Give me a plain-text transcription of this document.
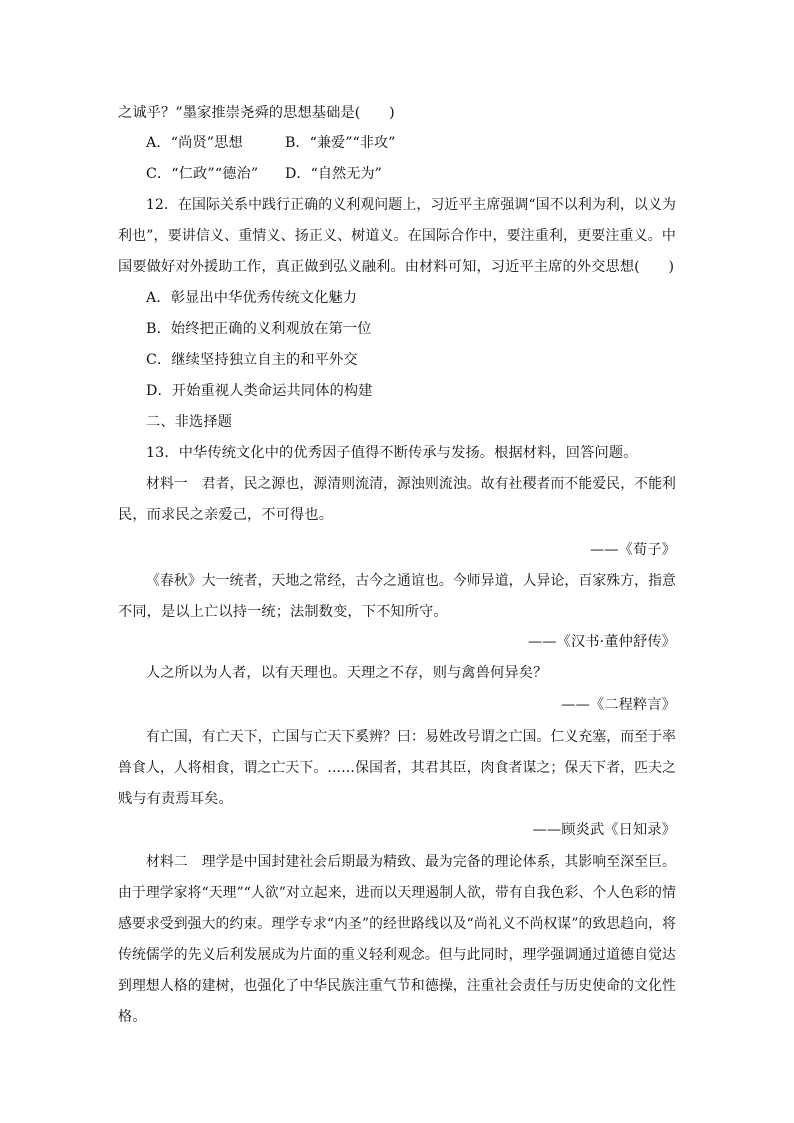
之诚乎？”墨家推崇尧舜的思想基础是(　　)
A．“尚贤”思想	B．“兼爱”“非攻”
C．“仁政”“德治” D．“自然无为”
12．在国际关系中践行正确的义利观问题上，习近平主席强调“国不以利为利，以义为
利也”，要讲信义、重情义、扬正义、树道义。在国际合作中，要注重利，更要注重义。中
国要做好对外援助工作，真正做到弘义融利。由材料可知，习近平主席的外交思想(　　)
A．彰显出中华优秀传统文化魅力
B．始终把正确的义利观放在第一位
C．继续坚持独立自主的和平外交
D．开始重视人类命运共同体的构建
二、非选择题
13．中华传统文化中的优秀因子值得不断传承与发扬。根据材料，回答问题。
材料一　君者，民之源也，源清则流清，源浊则流浊。故有社稷者而不能爱民，不能利
民，而求民之亲爱己，不可得也。
——《荀子》
《春秋》大一统者，天地之常经，古今之通谊也。今师异道，人异论，百家殊方，指意
不同，是以上亡以持一统；法制数变，下不知所守。
——《汉书·董仲舒传》
人之所以为人者，以有天理也。天理之不存，则与禽兽何异矣？
——《二程粹言》
有亡国，有亡天下，亡国与亡天下奚辨？曰：易姓改号谓之亡国。仁义充塞，而至于率
兽食人，人将相食，谓之亡天下。……保国者，其君其臣，肉食者谋之；保天下者，匹夫之
贱与有责焉耳矣。
——顾炎武《日知录》
材料二　理学是中国封建社会后期最为精致、最为完备的理论体系，其影响至深至巨。
由于理学家将“天理”“人欲”对立起来，进而以天理遏制人欲，带有自我色彩、个人色彩的情
感要求受到强大的约束。理学专求“内圣”的经世路线以及“尚礼义不尚权谋”的致思趋向，将
传统儒学的先义后利发展成为片面的重义轻利观念。但与此同时，理学强调通过道德自觉达
到理想人格的建树，也强化了中华民族注重气节和德操，注重社会责任与历史使命的文化性
格。
